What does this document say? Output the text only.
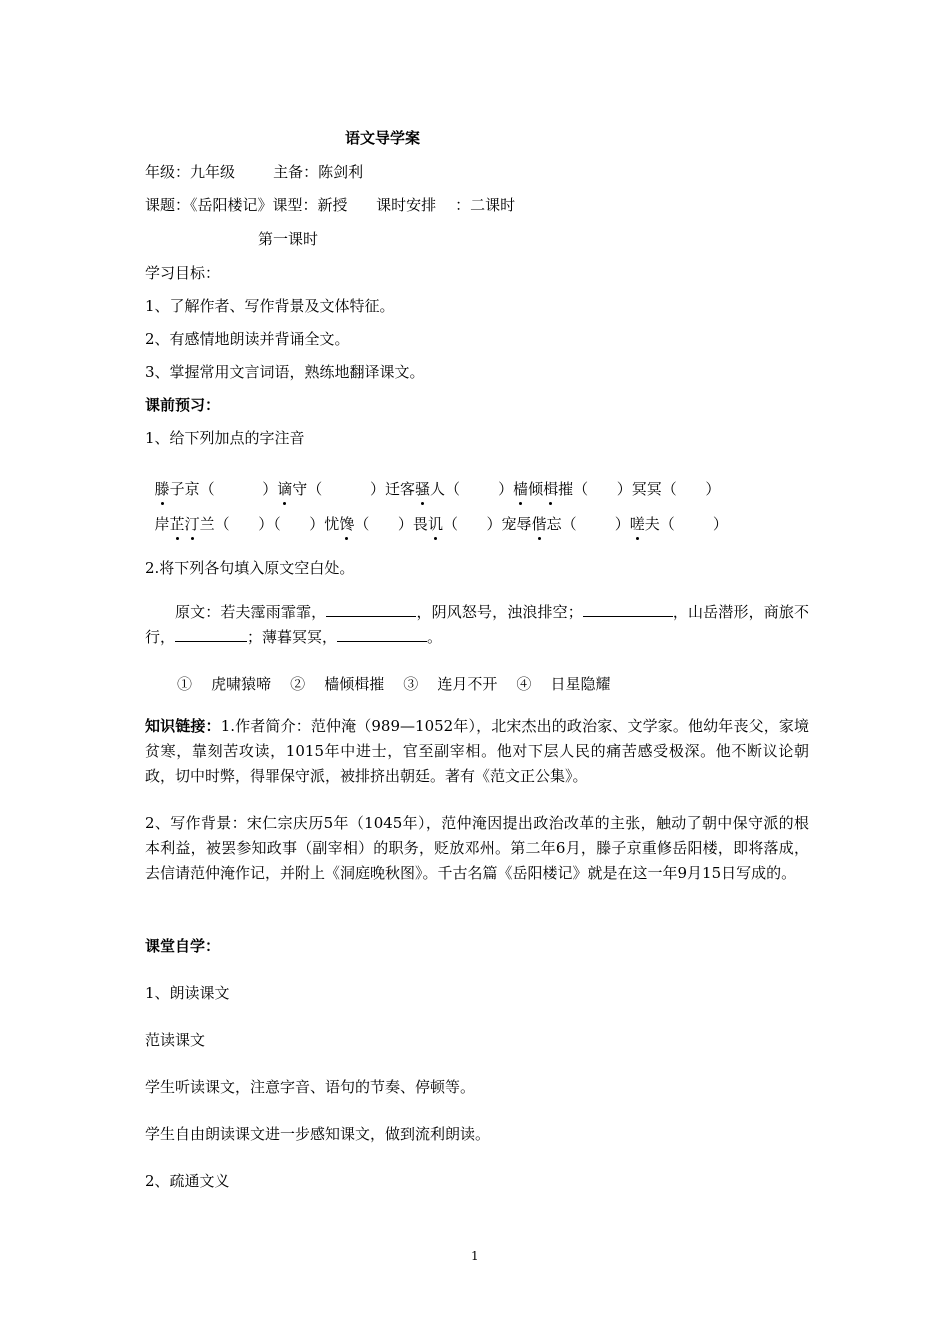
语文导学案
年级：九年级        主备：陈剑利
课题：《岳阳楼记》课型：新授      课时安排    ：二课时
第一课时
学习目标：
1、了解作者、写作背景及文体特征。
2、有感情地朗读并背诵全文。
3、掌握常用文言词语，熟练地翻译课文。
课前预习：
1、给下列加点的字注音

滕子京（          ）谪守（          ）迁客骚人（        ）樯倾楫摧（      ）冥冥（      ）

岸芷汀兰（      ）（      ）忧馋（      ）畏讥（      ）宠辱偕忘（        ）嗟夫（        ）

2.将下列各句填入原文空白处。
原文：若夫霪雨霏霏，	，阴风怒号，浊浪排空；	，山岳潜形，商旅不行，	；薄暮冥冥，	。
①    虎啸猿啼    ②    樯倾楫摧    ③    连月不开    ④    日星隐耀
知识链接：1.作者简介：范仲淹（989—1052年），北宋杰出的政治家、文学家。他幼年丧父，家境贫寒，靠刻苦攻读，1015年中进士，官至副宰相。他对下层人民的痛苦感受极深。他不断议论朝政，切中时弊，得罪保守派，被排挤出朝廷。著有《范文正公集》。
2、写作背景：宋仁宗庆历5年（1045年），范仲淹因提出政治改革的主张，触动了朝中保守派的根本利益，被罢参知政事（副宰相）的职务，贬放邓州。第二年6月，滕子京重修岳阳楼，即将落成，去信请范仲淹作记，并附上《洞庭晚秋图》。千古名篇《岳阳楼记》就是在这一年9月15日写成的。
课堂自学：
1、朗读课文
范读课文
学生听读课文，注意字音、语句的节奏、停顿等。
学生自由朗读课文进一步感知课文，做到流利朗读。
2、疏通文义
1
